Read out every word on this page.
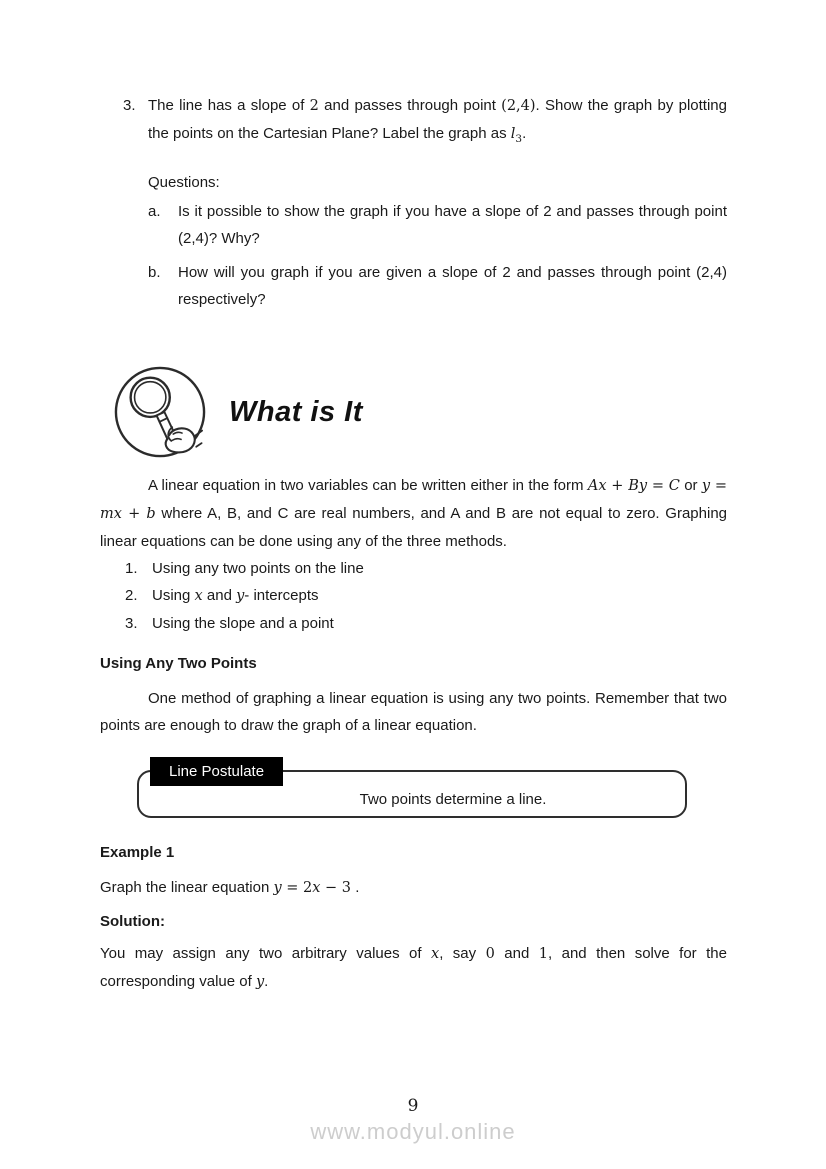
3. The line has a slope of 2 and passes through point (2,4). Show the graph by plotting the points on the Cartesian Plane? Label the graph as $l_3$.
Questions:
a.	Is it possible to show the graph if you have a slope of 2 and passes through point (2,4)? Why?
b.	How will you graph if you are given a slope of 2 and passes through point (2,4) respectively?
What is It
A linear equation in two variables can be written either in the form Ax + By = C or y = mx + b where A, B, and C are real numbers, and A and B are not equal to zero. Graphing linear equations can be done using any of the three methods.
1. Using any two points on the line
2. Using x and y- intercepts
3. Using the slope and a point
Using Any Two Points
One method of graphing a linear equation is using any two points. Remember that two points are enough to draw the graph of a linear equation.
Line Postulate
Two points determine a line.
Example 1
Graph the linear equation y = 2x − 3 .
Solution:
You may assign any two arbitrary values of x, say 0 and 1, and then solve for the corresponding value of y.
9
www.modyul.online
